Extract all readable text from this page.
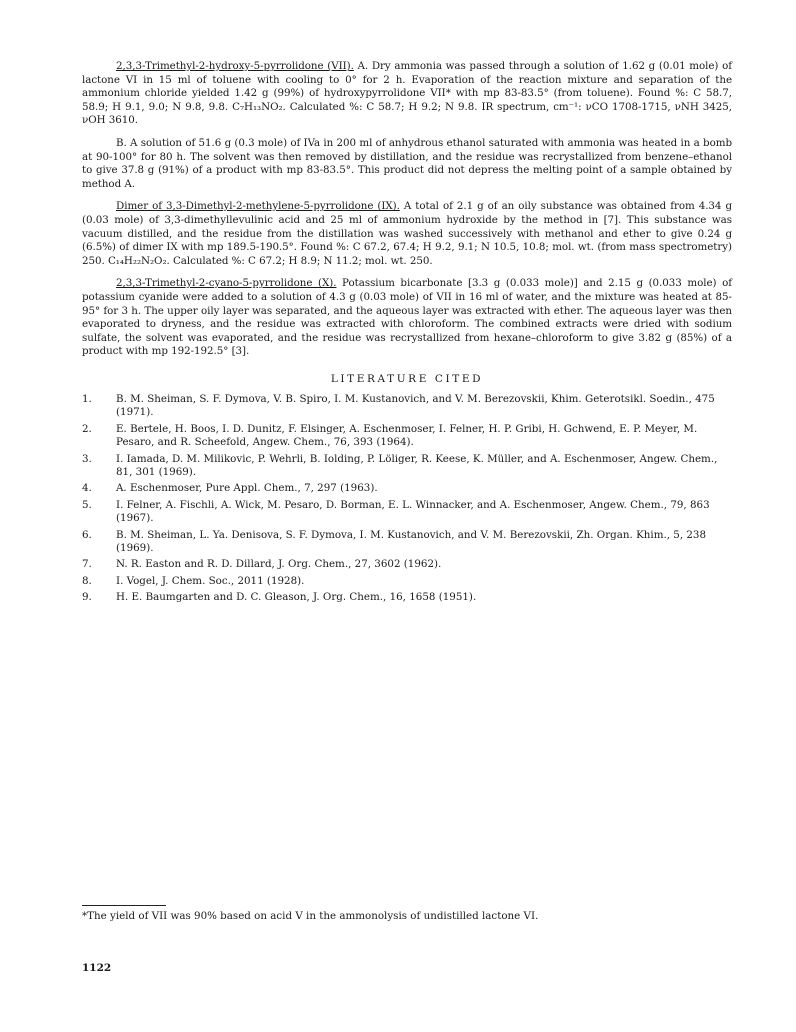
2,3,3-Trimethyl-2-hydroxy-5-pyrrolidone (VII). A. Dry ammonia was passed through a solution of 1.62 g (0.01 mole) of lactone VI in 15 ml of toluene with cooling to 0° for 2 h. Evaporation of the reaction mixture and separation of the ammonium chloride yielded 1.42 g (99%) of hydroxypyrrolidone VII* with mp 83-83.5° (from toluene). Found %: C 58.7, 58.9; H 9.1, 9.0; N 9.8, 9.8. C₇H₁₃NO₂. Calculated %: C 58.7; H 9.2; N 9.8. IR spectrum, cm⁻¹: νCO 1708-1715, νNH 3425, νOH 3610.

B. A solution of 51.6 g (0.3 mole) of IVa in 200 ml of anhydrous ethanol saturated with ammonia was heated in a bomb at 90-100° for 80 h. The solvent was then removed by distillation, and the residue was recrystallized from benzene–ethanol to give 37.8 g (91%) of a product with mp 83-83.5°. This product did not depress the melting point of a sample obtained by method A.

Dimer of 3,3-Dimethyl-2-methylene-5-pyrrolidone (IX). A total of 2.1 g of an oily substance was obtained from 4.34 g (0.03 mole) of 3,3-dimethyllevulinic acid and 25 ml of ammonium hydroxide by the method in [7]. This substance was vacuum distilled, and the residue from the distillation was washed successively with methanol and ether to give 0.24 g (6.5%) of dimer IX with mp 189.5-190.5°. Found %: C 67.2, 67.4; H 9.2, 9.1; N 10.5, 10.8; mol. wt. (from mass spectrometry) 250. C₁₄H₂₂N₂O₂. Calculated %: C 67.2; H 8.9; N 11.2; mol. wt. 250.

2,3,3-Trimethyl-2-cyano-5-pyrrolidone (X). Potassium bicarbonate [3.3 g (0.033 mole)] and 2.15 g (0.033 mole) of potassium cyanide were added to a solution of 4.3 g (0.03 mole) of VII in 16 ml of water, and the mixture was heated at 85-95° for 3 h. The upper oily layer was separated, and the aqueous layer was extracted with ether. The aqueous layer was then evaporated to dryness, and the residue was extracted with chloroform. The combined extracts were dried with sodium sulfate, the solvent was evaporated, and the residue was recrystallized from hexane–chloroform to give 3.82 g (85%) of a product with mp 192-192.5° [3].

LITERATURE CITED
1.	B. M. Sheiman, S. F. Dymova, V. B. Spiro, I. M. Kustanovich, and V. M. Berezovskii, Khim. Geterotsikl. Soedin., 475 (1971).
2.	E. Bertele, H. Boos, I. D. Dunitz, F. Elsinger, A. Eschenmoser, I. Felner, H. P. Gribi, H. Gchwend, E. P. Meyer, M. Pesaro, and R. Scheefold, Angew. Chem., 76, 393 (1964).
3.	I. Iamada, D. M. Milikovic, P. Wehrli, B. Iolding, P. Löliger, R. Keese, K. Müller, and A. Eschenmoser, Angew. Chem., 81, 301 (1969).
4.	A. Eschenmoser, Pure Appl. Chem., 7, 297 (1963).
5.	I. Felner, A. Fischli, A. Wick, M. Pesaro, D. Borman, E. L. Winnacker, and A. Eschenmoser, Angew. Chem., 79, 863 (1967).
6.	B. M. Sheiman, L. Ya. Denisova, S. F. Dymova, I. M. Kustanovich, and V. M. Berezovskii, Zh. Organ. Khim., 5, 238 (1969).
7.	N. R. Easton and R. D. Dillard, J. Org. Chem., 27, 3602 (1962).
8.	I. Vogel, J. Chem. Soc., 2011 (1928).
9.	H. E. Baumgarten and D. C. Gleason, J. Org. Chem., 16, 1658 (1951).
*The yield of VII was 90% based on acid V in the ammonolysis of undistilled lactone VI.
1122
